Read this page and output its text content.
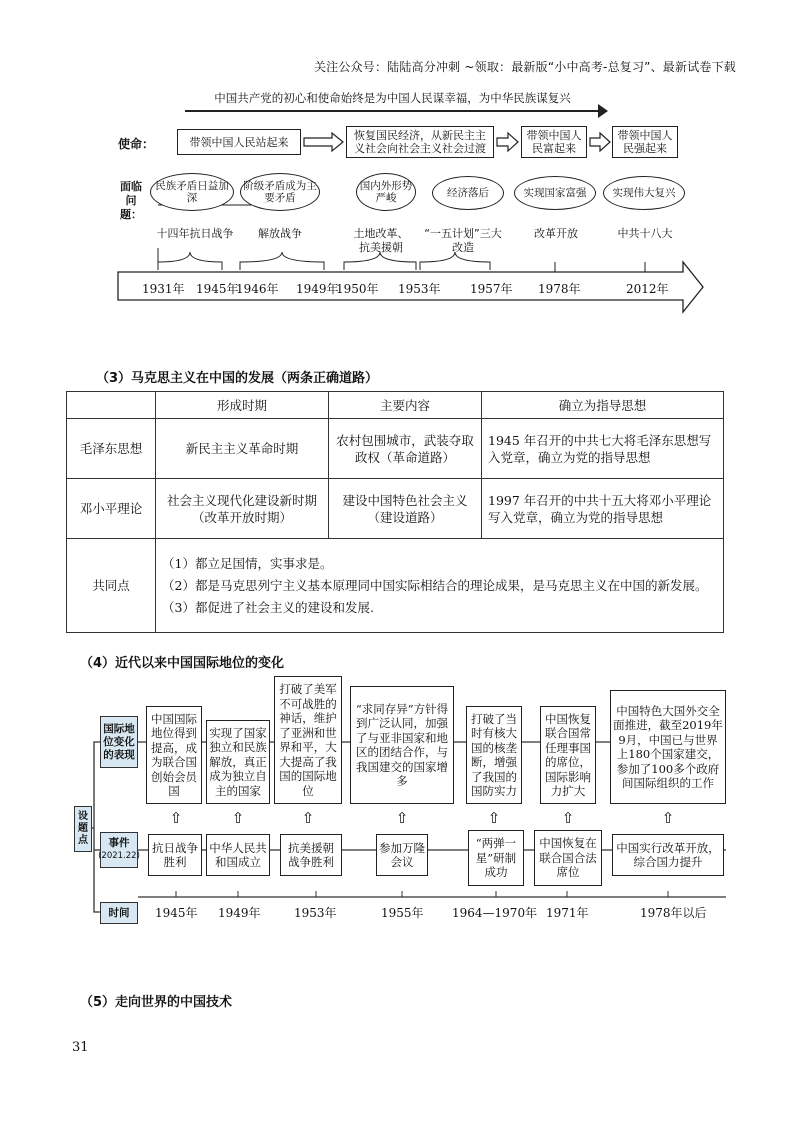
关注公众号：陆陆高分冲刺 ~领取：最新版“小中高考-总复习”、最新试卷下载
中国共产党的初心和使命始终是为中国人民谋幸福，为中华民族谋复兴
使命：
面临问题：
带领中国人民站起来	恢复国民经济，从新民主主义社会向社会主义社会过渡
带领中国人民富起来
带领中国人民强起来
民族矛盾日益加深
阶级矛盾成为主要矛盾
国内外形势严峻	经济落后	实现国家富强	实现伟大复兴
十四年抗日战争	解放战争	土地改革、抗美援朝
“一五计划”三大改造
改革开放	中共十八大
1931年 1945年
1946年 1949年
1950年 1953年 1957年 1978年	2012年
（3）马克思主义在中国的发展（两条正确道路）
	形成时期	主要内容	确立为指导思想
毛泽东思想	新民主主义革命时期	农村包围城市，武装夺取政权（革命道路）	1945 年召开的中共七大将毛泽东思想写入党章，确立为党的指导思想
邓小平理论	社会主义现代化建设新时期（改革开放时期）	建设中国特色社会主义（建设道路）	1997 年召开的中共十五大将邓小平理论写入党章，确立为党的指导思想
共同点	（1）都立足国情，实事求是。
（2）都是马克思列宁主义基本原理同中国实际相结合的理论成果，是马克思主义在中国的新发展。
（3）都促进了社会主义的建设和发展.		
（4）近代以来中国国际地位的变化
设题点
国际地位变化的表现
事件
(2021.22)
时间
中国国际地位得到提高，成为联合国创始会员国
实现了国家独立和民族解放，真正成为独立自主的国家
打破了美军不可战胜的神话，维护了亚洲和世界和平，大大提高了我国的国际地位
“求同存异”方针得到广泛认同，加强了与亚非国家和地区的团结合作，与我国建交的国家增多
打破了当时有核大国的核垄断，增强了我国的国防实力
中国恢复联合国常任理事国的席位，国际影响力扩大
中国特色大国外交全面推进，截至2019年9月，中国已与世界上180个国家建交，参加了100多个政府间国际组织的工作
⇧	⇧	⇧	⇧	⇧	⇧	⇧
抗日战争胜利
中华人民共和国成立
抗美援朝战争胜利
参加万隆会议
“两弹一星”研制成功
中国恢复在联合国合法席位
中国实行改革开放，综合国力提升
1945年 1949年	1953年	1955年 1964—1970年 1971年	1978年以后
（5）走向世界的中国技术
31
